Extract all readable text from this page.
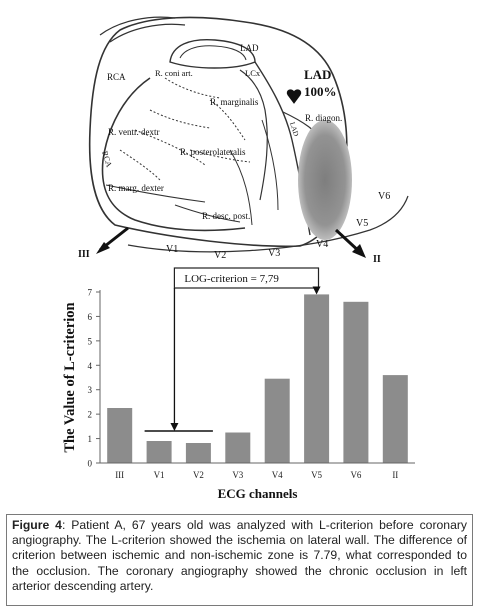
LAD
LCx
RCA
RCA
R. coni art.
R. marginalis
R. diagon.
R. ventr. dextr
R. posterolateralis
R. marg. dexter
R. desc. post.
LAD
LAD 100%
III	II
V1
V2	V3
V4
V5
V6
0
1
2
3
4
5
6
7
III	V1	V2	V3	V4	V5	V6	II
LOG-criterion = 7,79
The Value of L-criterion
ECG channels

Figure 4: Patient A, 67 years old was analyzed with L-criterion before coronary angiography. The L-criterion showed the ischemia on lateral wall. The difference of criterion between ischemic and non-ischemic zone is 7.79, what corresponded to the occlusion. The coronary angiography showed the chronic occlusion in left arterior descending artery.
